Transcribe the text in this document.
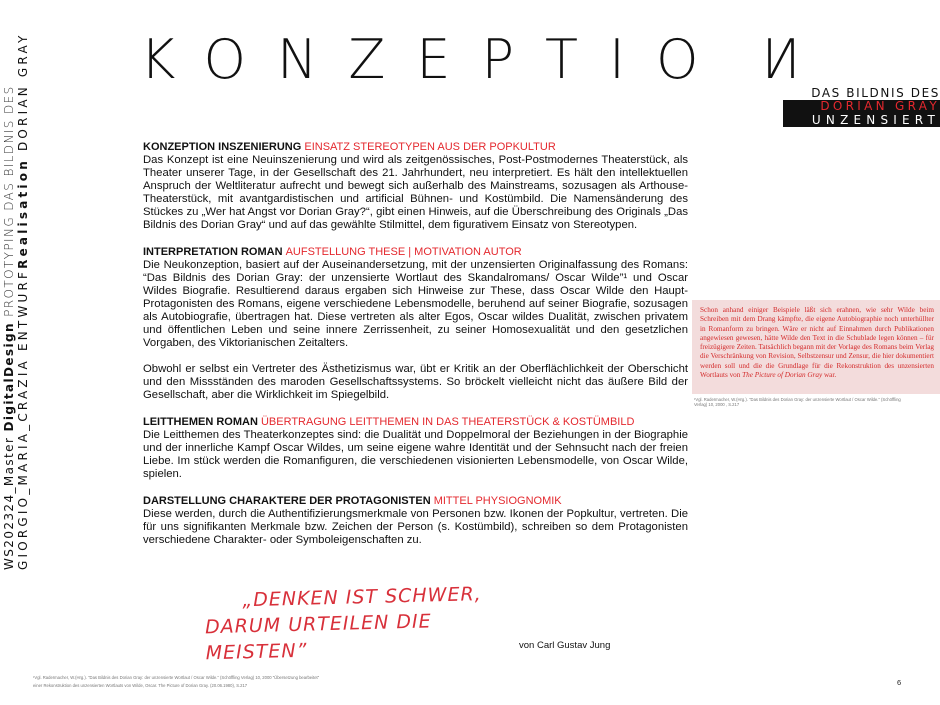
WS202324_Master DigitalDesign PROTOTYPING DAS BILDNIS DES
GIORGIO_MARIA_CRAZIA ENTWURFRealisation DORIAN GRAY KONZEPTION
DAS BILDNIS DES
DORIAN GRAY
UNZENSIERT
KONZEPTION INSZENIERUNG EINSATZ STEREOTYPEN AUS DER POPKULTUR

Das Konzept ist eine Neuinszenierung und wird als zeitgenössisches, Post-Postmodernes Theaterstück, als Theater unserer Tage, in der Gesellschaft des 21. Jahrhundert, neu interpretiert. Es hält den intellektuellen Anspruch der Weltliteratur aufrecht und bewegt sich außerhalb des Mainstreams, sozusagen als Arthouse-Theaterstück, mit avantgardistischen und artificial Bühnen- und Kostümbild. Die Namensänderung des Stückes zu „Wer hat Angst vor Dorian Gray?“, gibt einen Hinweis, auf die Überschreibung des Originals „Das Bildnis des Dorian Gray“ und auf das gewählte Stilmittel, dem figurativem Einsatz von Stereotypen.

INTERPRETATION ROMAN AUFSTELLUNG THESE | MOTIVATION AUTOR

Die Neukonzeption, basiert auf der Auseinandersetzung, mit der unzensierten Originalfassung des Romans: “Das Bildnis des Dorian Gray: der unzensierte Wortlaut des Skandalromans/ Oscar Wilde”¹ und Oscar Wildes Biografie. Resultierend daraus ergaben sich Hinweise zur These, dass Oscar Wilde den Haupt-Protagonisten des Romans, eigene verschiedene Lebensmodelle, beruhend auf seiner Biografie, sozusagen als Autobiografie, übertragen hat. Diese vertreten als alter Egos, Oscar wildes Dualität, zwischen privatem und öffentlichen Leben und seine innere Zerrissenheit, zu seiner Homosexualität und den gesetzlichen Vorgaben, des Viktorianischen Zeitalters.

Obwohl er selbst ein Vertreter des Ästhetizismus war, übt er Kritik an der Oberflächlichkeit der Oberschicht und den Missständen des maroden Gesellschaftssystems. So bröckelt vielleicht nicht das äußere Bild der Gesellschaft, aber die Wirklichkeit im Spiegelbild.

LEITTHEMEN ROMAN ÜBERTRAGUNG LEITTHEMEN IN DAS THEATERSTÜCK & KOSTÜMBILD

Die Leitthemen des Theaterkonzeptes sind: die Dualität und Doppelmoral der Beziehungen in der Biographie und der innerliche Kampf Oscar Wildes, um seine eigene wahre Identität und der Sehnsucht nach der freien Liebe. Im stück werden die Romanfiguren, die verschiedenen visionierten Lebensmodelle, von Oscar Wilde, spielen.

DARSTELLUNG CHARAKTERE DER PROTAGONISTEN MITTEL PHYSIOGNOMIK

Diese werden, durch die Authentifizierungsmerkmale von Personen bzw. Ikonen der Popkultur, vertreten. Die für uns signifikanten Merkmale bzw. Zeichen der Person (s. Kostümbild), schreiben so dem Protagonisten verschiedene Charakter- oder Symboleigenschaften zu.

Schon anhand einiger Beispiele läßt sich erahnen, wie sehr Wilde beim Schreiben mit dem Drang kämpfte, die eigene Autobiographie noch unterhüllter in Romanform zu bringen. Wäre er nicht auf Einnahmen durch Publikationen angewiesen gewesen, hätte Wilde den Text in die Schublade legen können – für freizügigere Zeiten. Tatsächlich begann mit der Vorlage des Romans beim Verlag die Verschränkung von Revision, Selbstzensur und Zensur, die hier dokumentiert werden soll und die die Grundlage für die Rekonstruktion des unzensierten Wortlauts von The Picture of Dorian Gray war.
¹Vgl. Radermacher, W.(Hrg.). “Das Bildnis des Dorian Gray: der unzensierte Wortlaut / Oscar Wilde.” (Schöffling Verlag) 10, 2000 , S.217
„DENKEN IST SCHWER,
DARUM URTEILEN DIE MEISTEN”	von Carl Gustav Jung
¹Vgl. Radermacher, W.(Hrg.). “Das Bildnis des Dorian Gray: der unzensierte Wortlaut / Oscar Wilde.” (Schöffling Verlag) 10, 2000 “Übersetzung bearbeitet”
einer Rekonstruktion des unzensierten Wortlauts von Wilde, Oscar. The Picture of Dorian Gray. (20.06.1980), S.217	6
